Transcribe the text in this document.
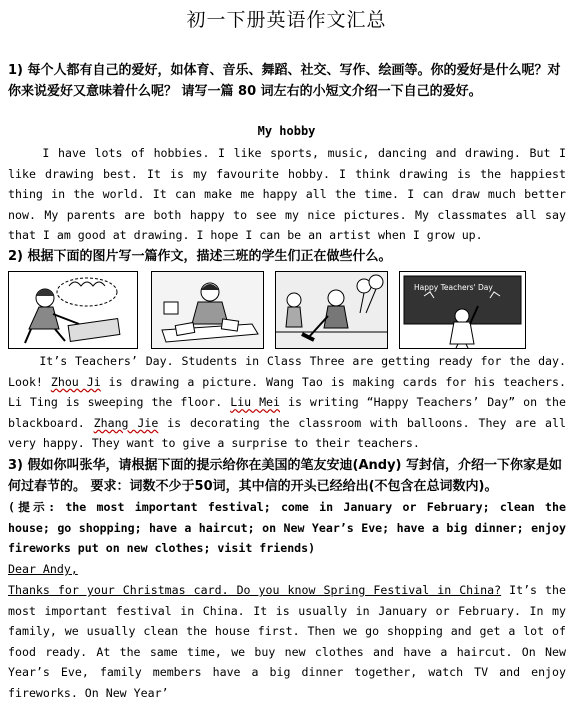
初一下册英语作文汇总
1) 每个人都有自己的爱好，如体育、音乐、舞蹈、社交、写作、绘画等。你的爱好是什么呢？对你来说爱好又意味着什么呢？ 请写一篇 80 词左右的小短文介绍一下自己的爱好。
My hobby

I have lots of hobbies. I like sports, music, dancing and drawing. But I like drawing best. It is my favourite hobby. I think drawing is the happiest thing in the world. It can make me happy all the time. I can draw much better now. My parents are both happy to see my nice pictures. My classmates all say that I am good at drawing. I hope I can be an artist when I grow up.

2) 根据下面的图片写一篇作文，描述三班的学生们正在做些什么。
Happy Teachers' Day

It’s Teachers’ Day. Students in Class Three are getting ready for the day. Look! Zhou Ji is drawing a picture. Wang Tao is making cards for his teachers. Li Ting is sweeping the floor. Liu Mei is writing “Happy Teachers’ Day” on the blackboard. Zhang Jie is decorating the classroom with balloons. They are all very happy. They want to give a surprise to their teachers.

3) 假如你叫张华，请根据下面的提示给你在美国的笔友安迪(Andy) 写封信，介绍一下你家是如何过春节的。 要求：词数不少于50词，其中信的开头已经给出(不包含在总词数内)。
(提示: the most important festival; come in January or February; clean the house; go shopping; have a haircut; on New Year’s Eve; have a big dinner; enjoy fireworks put on new clothes; visit friends)

Dear Andy,

Thanks for your Christmas card. Do you know Spring Festival in China? It’s the most important festival in China. It is usually in January or February. In my family, we usually clean the house first. Then we go shopping and get a lot of food ready. At the same time, we buy new clothes and have a haircut. On New Year’s Eve, family members have a big dinner together, watch TV and enjoy fireworks. On New Year’
